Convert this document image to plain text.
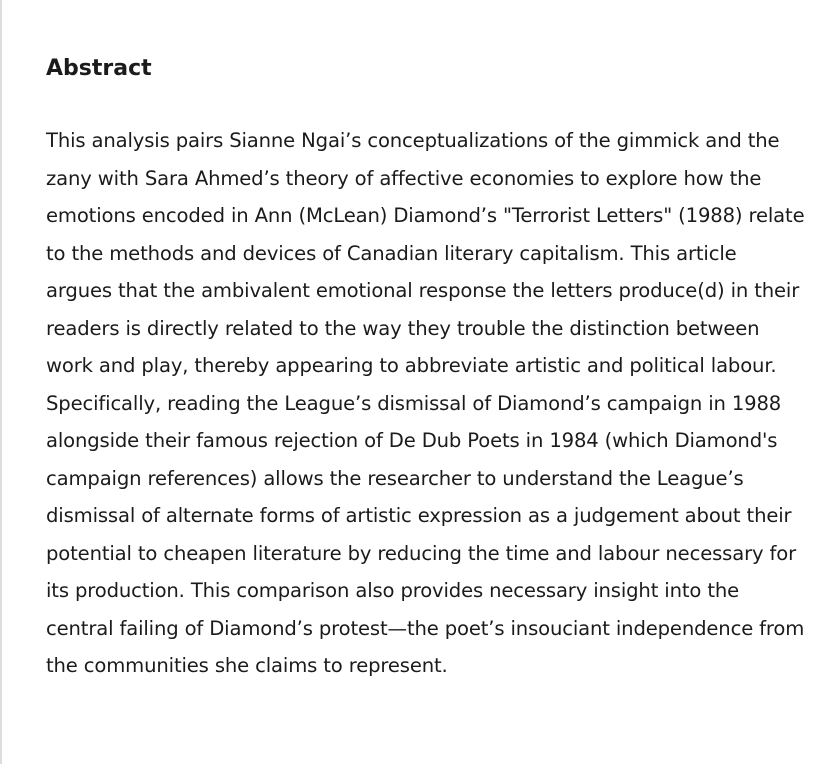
Abstract

This analysis pairs Sianne Ngai’s conceptualizations of the gimmick and the zany with Sara Ahmed’s theory of affective economies to explore how the emotions encoded in Ann (McLean) Diamond’s "Terrorist Letters" (1988) relate to the methods and devices of Canadian literary capitalism. This article argues that the ambivalent emotional response the letters produce(d) in their readers is directly related to the way they trouble the distinction between work and play, thereby appearing to abbreviate artistic and political labour. Specifically, reading the League’s dismissal of Diamond’s campaign in 1988 alongside their famous rejection of De Dub Poets in 1984 (which Diamond's campaign references) allows the researcher to understand the League’s dismissal of alternate forms of artistic expression as a judgement about their potential to cheapen literature by reducing the time and labour necessary for its production. This comparison also provides necessary insight into the central failing of Diamond’s protest—the poet’s insouciant independence from the communities she claims to represent.
